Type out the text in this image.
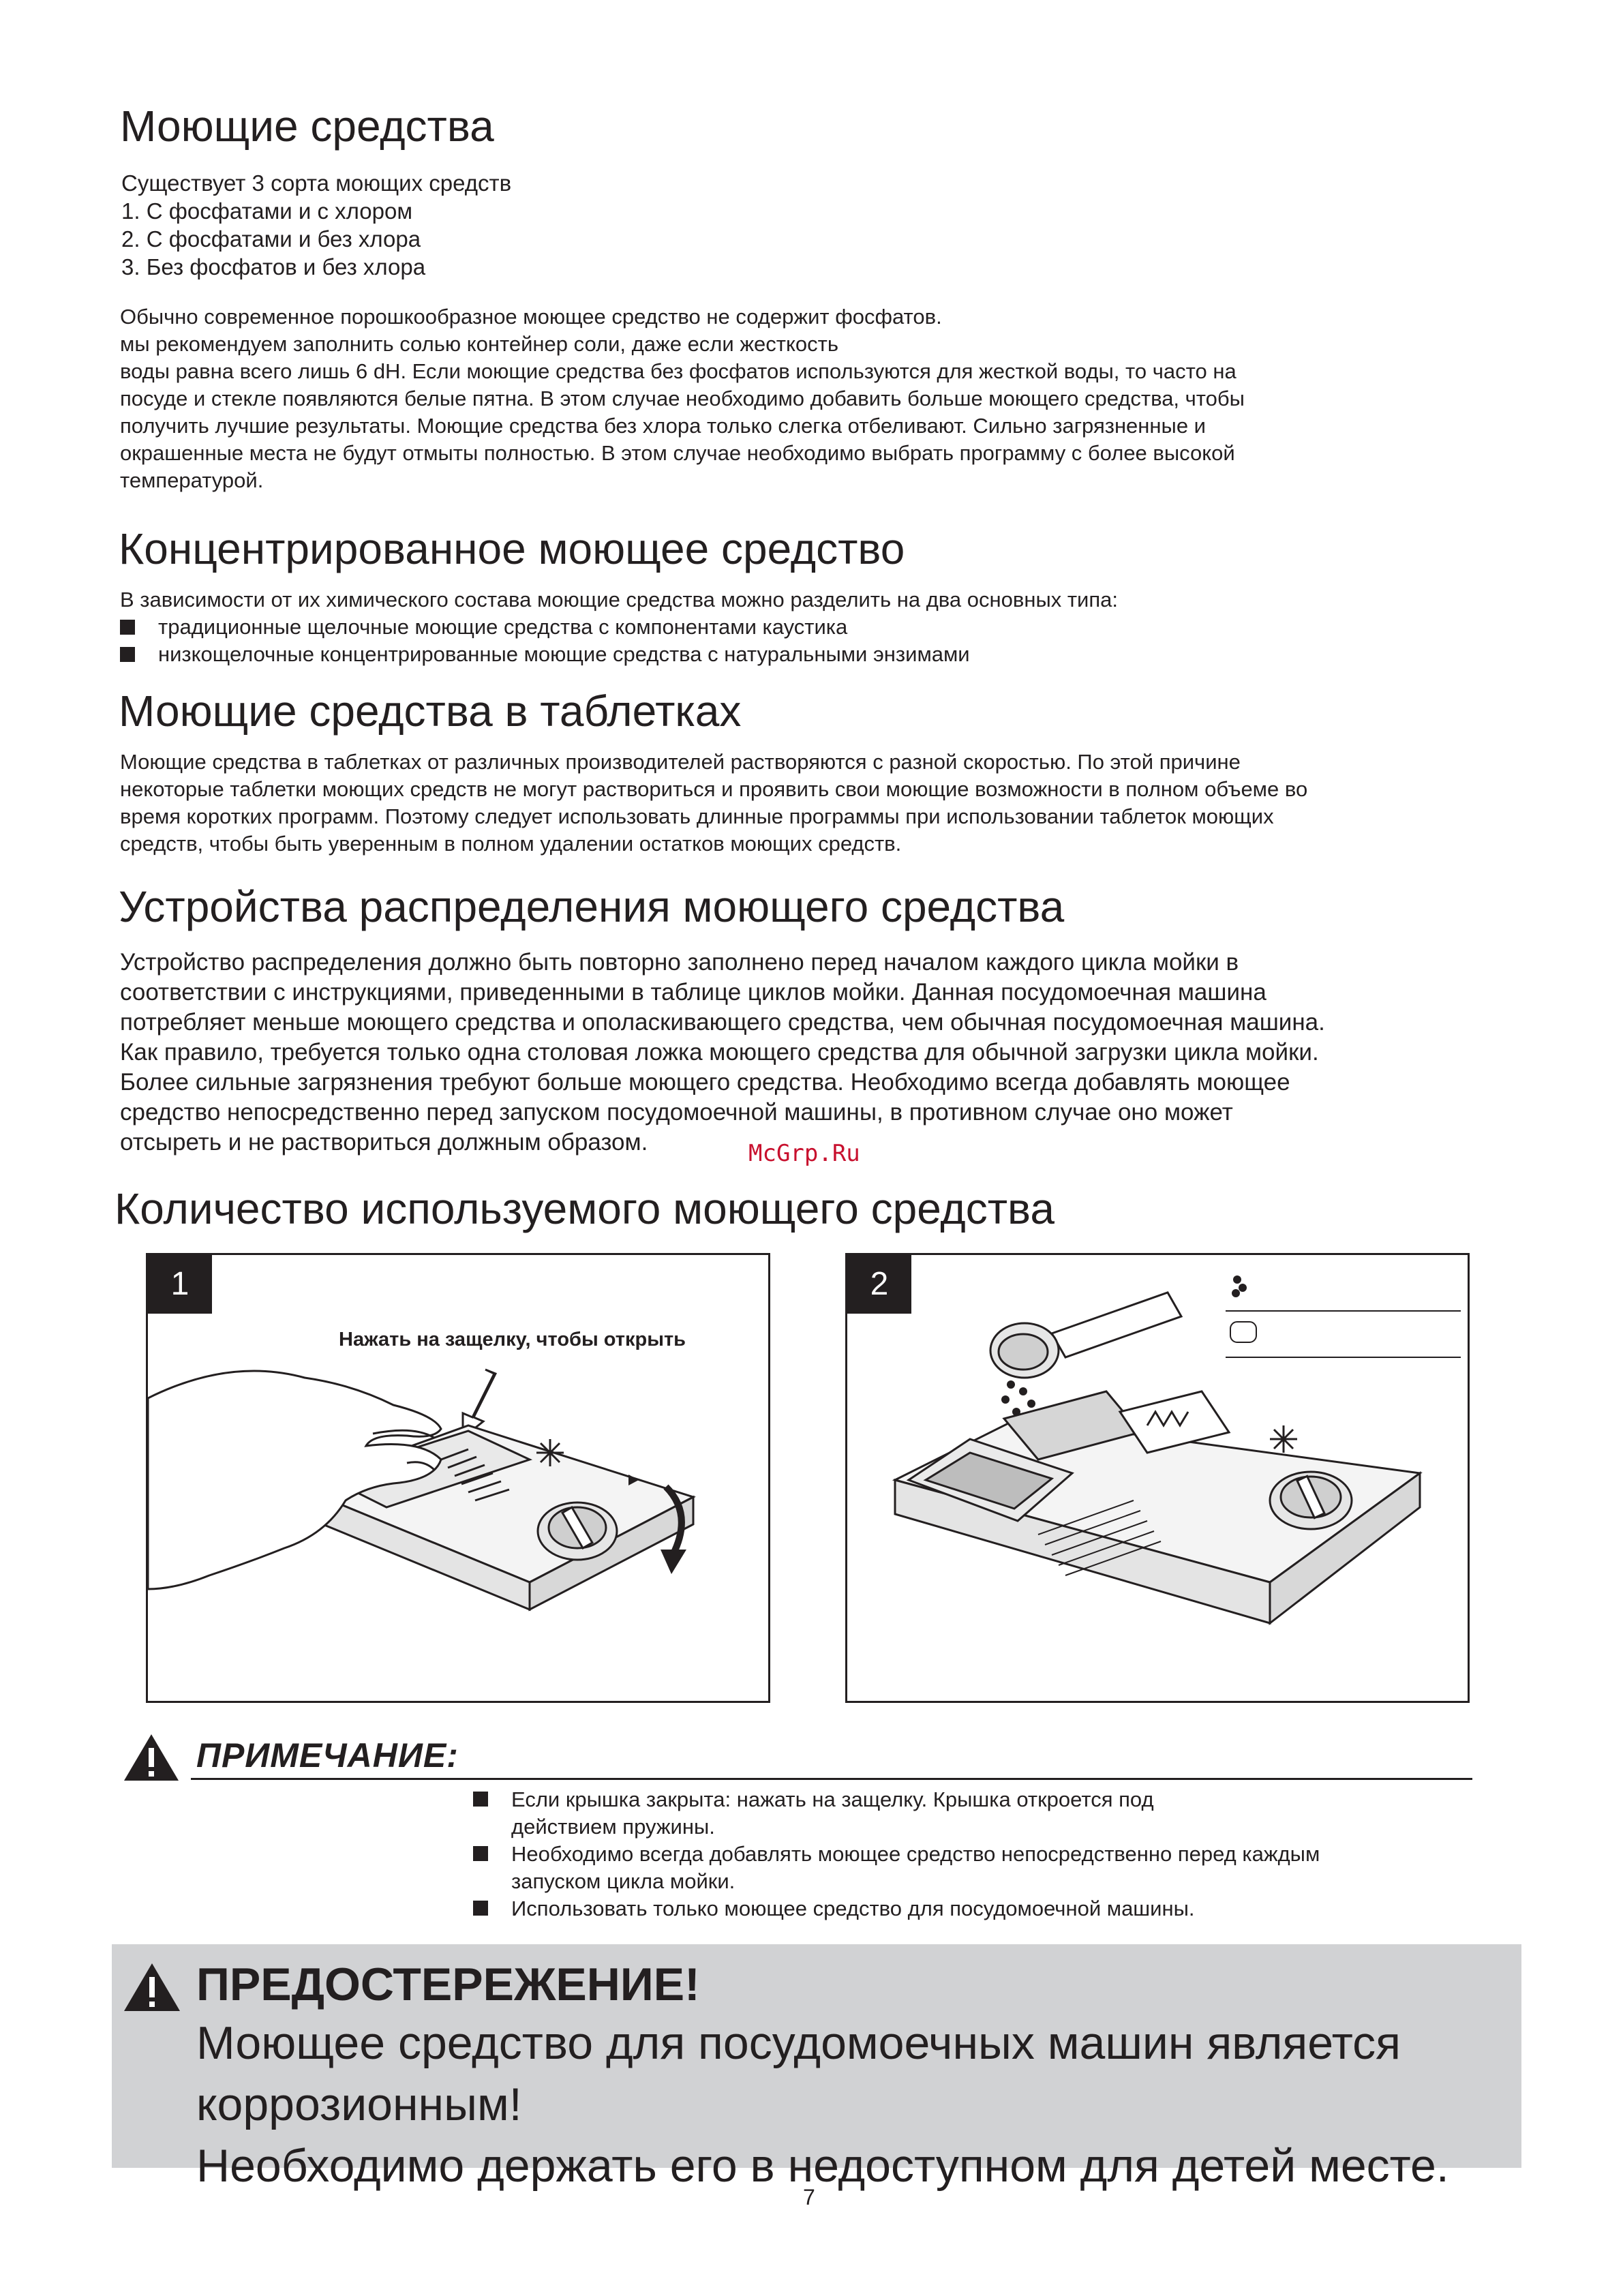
Моющие средства
Существует 3 сорта моющих средств
1. С фосфатами и с хлором
2. С фосфатами и без хлора
3. Без фосфатов и без хлора
Обычно современное порошкообразное моющее средство не содержит фосфатов.
мы рекомендуем заполнить солью контейнер соли, даже если жесткость
воды равна всего лишь 6 dH. Если моющие средства без фосфатов используются для жесткой воды, то часто на
посуде и стекле появляются белые пятна. В этом случае необходимо добавить больше моющего средства, чтобы
получить лучшие результаты. Моющие средства без хлора только слегка отбеливают. Сильно загрязненные и
окрашенные места не будут отмыты полностью. В этом случае необходимо выбрать программу с более высокой
температурой.
Концентрированное моющее средство
В зависимости от их химического состава моющие средства можно разделить на два основных типа:
традиционные щелочные моющие средства с компонентами каустика
низкощелочные концентрированные моющие средства с натуральными энзимами
Моющие средства в таблетках
Моющие средства в таблетках от различных производителей растворяются с разной скоростью. По этой причине
некоторые таблетки моющих средств не могут раствориться и проявить свои моющие возможности в полном объеме во
время коротких программ. Поэтому следует использовать длинные программы при использовании таблеток моющих
средств, чтобы быть уверенным в полном удалении остатков моющих средств.
Устройства распределения моющего средства
Устройство распределения должно быть повторно заполнено перед началом каждого цикла мойки в
соответствии с инструкциями, приведенными в таблице циклов мойки. Данная посудомоечная машина
потребляет меньше моющего средства и ополаскивающего средства, чем обычная посудомоечная машина.
Как правило, требуется только одна столовая ложка моющего средства для обычной загрузки цикла мойки.
Более сильные загрязнения требуют больше моющего средства. Необходимо всегда добавлять моющее
средство непосредственно перед запуском посудомоечной машины, в противном случае оно может
отсыреть и не раствориться должным образом.	McGrp.Ru
Количество используемого моющего средства
1
Нажать на защелку, чтобы открыть
2
ПРИМЕЧАНИЕ:
Если крышка закрыта: нажать на защелку. Крышка откроется под
действием пружины.
Необходимо всегда добавлять моющее средство непосредственно перед каждым
запуском цикла мойки.
Использовать только моющее средство для посудомоечной машины.
ПРЕДОСТЕРЕЖЕНИЕ!
Моющее средство для посудомоечных машин является
коррозионным!
Необходимо держать его в недоступном для детей месте.
7
